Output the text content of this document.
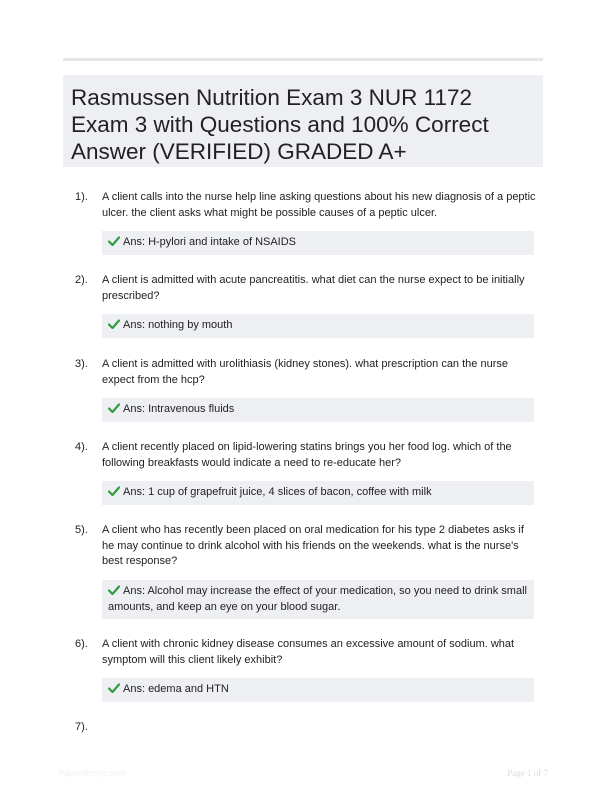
Rasmussen Nutrition Exam 3 NUR 1172 Exam 3 with Questions and 100% Correct Answer (VERIFIED) GRADED A+
1). A client calls into the nurse help line asking questions about his new diagnosis of a peptic ulcer. the client asks what might be possible causes of a peptic ulcer.

Ans: H-pylori and intake of NSAIDS
2). A client is admitted with acute pancreatitis. what diet can the nurse expect to be initially prescribed?

Ans: nothing by mouth
3). A client is admitted with urolithiasis (kidney stones). what prescription can the nurse expect from the hcp?

Ans: Intravenous fluids
4). A client recently placed on lipid-lowering statins brings you her food log. which of the following breakfasts would indicate a need to re-educate her?

Ans: 1 cup of grapefruit juice, 4 slices of bacon, coffee with milk
5). A client who has recently been placed on oral medication for his type 2 diabetes asks if he may continue to drink alcohol with his friends on the weekends. what is the nurse's best response?

Ans: Alcohol may increase the effect of your medication, so you need to drink small amounts, and keep an eye on your blood sugar.
6). A client with chronic kidney disease consumes an excessive amount of sodium. what symptom will this client likely exhibit?

Ans: edema and HTN
7).
Paperlibrary.com	Page 1 of 7
